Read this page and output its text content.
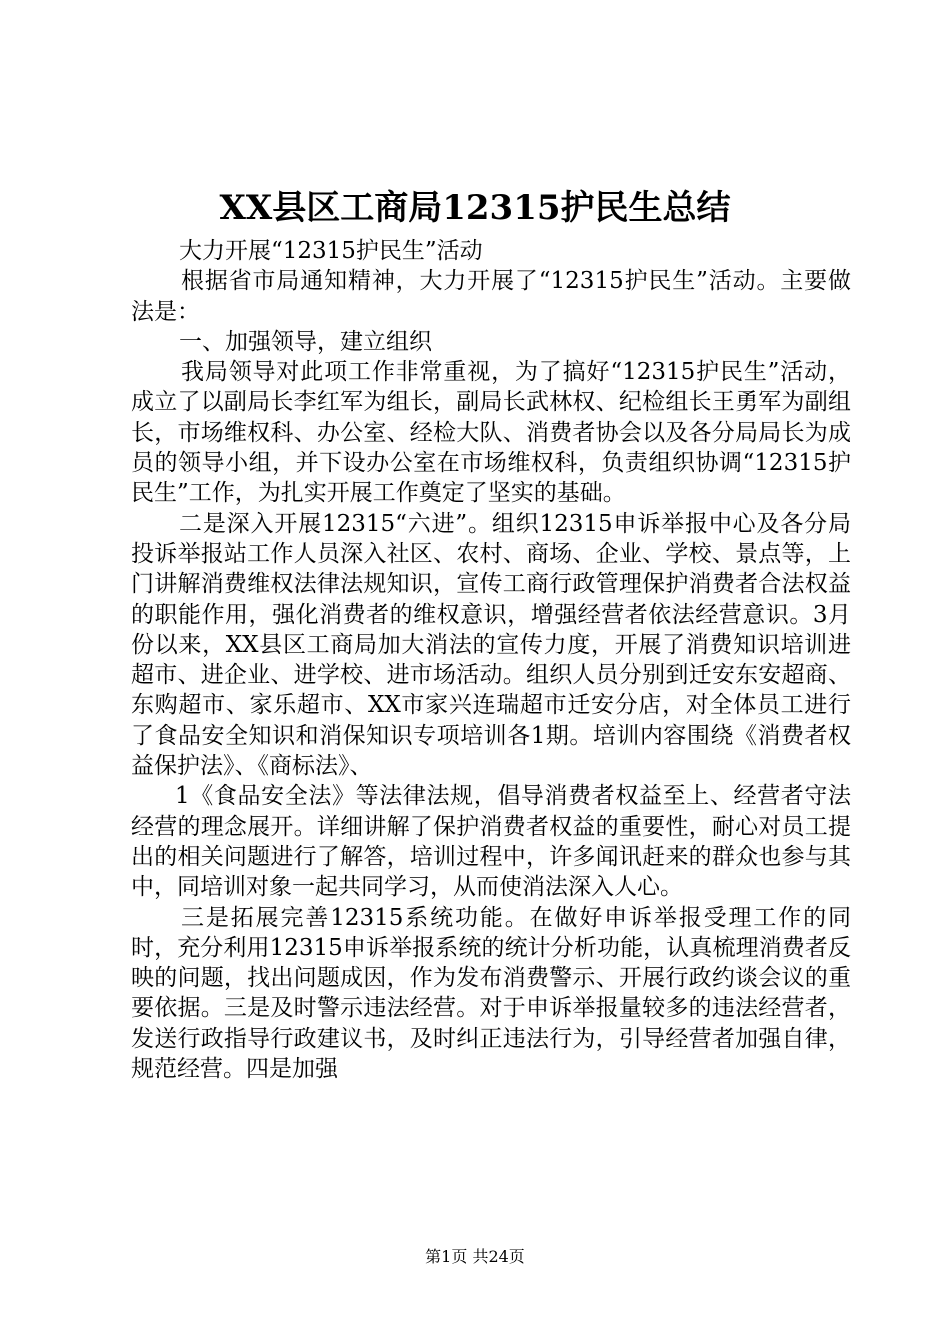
XX县区工商局12315护民生总结

大力开展“12315护民生”活动

根据省市局通知精神，大力开展了“12315护民生”活动。主要做法是：

一、加强领导，建立组织

我局领导对此项工作非常重视，为了搞好“12315护民生”活动，成立了以副局长李红军为组长，副局长武林权、纪检组长王勇军为副组长，市场维权科、办公室、经检大队、消费者协会以及各分局局长为成员的领导小组，并下设办公室在市场维权科，负责组织协调“12315护民生”工作，为扎实开展工作奠定了坚实的基础。

二是深入开展12315“六进”。组织12315申诉举报中心及各分局投诉举报站工作人员深入社区、农村、商场、企业、学校、景点等，上门讲解消费维权法律法规知识，宣传工商行政管理保护消费者合法权益的职能作用，强化消费者的维权意识，增强经营者依法经营意识。3月份以来，XX县区工商局加大消法的宣传力度，开展了消费知识培训进超市、进企业、进学校、进市场活动。组织人员分别到迁安东安超商、东购超市、家乐超市、XX市家兴连瑞超市迁安分店，对全体员工进行了食品安全知识和消保知识专项培训各1期。培训内容围绕《消费者权益保护法》、《商标法》、

1《食品安全法》等法律法规，倡导消费者权益至上、经营者守法经营的理念展开。详细讲解了保护消费者权益的重要性，耐心对员工提出的相关问题进行了解答，培训过程中，许多闻讯赶来的群众也参与其中，同培训对象一起共同学习，从而使消法深入人心。

三是拓展完善12315系统功能。在做好申诉举报受理工作的同时，充分利用12315申诉举报系统的统计分析功能，认真梳理消费者反映的问题，找出问题成因，作为发布消费警示、开展行政约谈会议的重要依据。三是及时警示违法经营。对于申诉举报量较多的违法经营者，发送行政指导行政建议书，及时纠正违法行为，引导经营者加强自律，规范经营。四是加强

第1页 共24页
